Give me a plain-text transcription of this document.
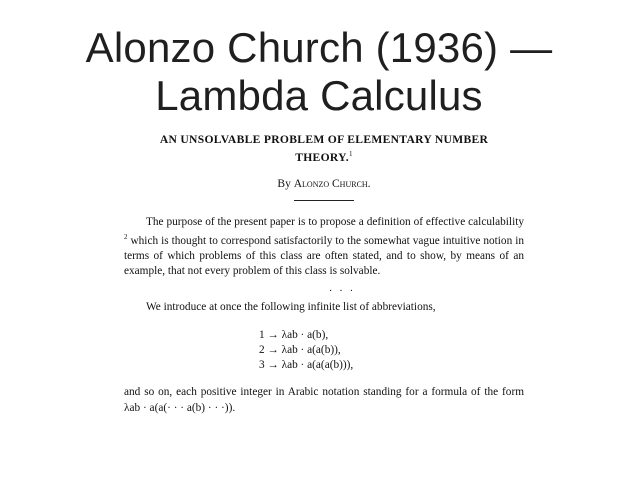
Alonzo Church (1936) —
Lambda Calculus
AN UNSOLVABLE PROBLEM OF ELEMENTARY NUMBER
THEORY.$^1$
By Alonzo Church.
The purpose of the present paper is to propose a definition of effective calculability $^2$ which is thought to correspond satisfactorily to the somewhat vague intuitive notion in terms of which problems of this class are often stated, and to show, by means of an example, that not every problem of this class is solvable.
· · ·
We introduce at once the following infinite list of abbreviations,
1 → λab · a(b),
2 → λab · a(a(b)),
3 → λab · a(a(a(b))),
and so on, each positive integer in Arabic notation standing for a formula of the form λab · a(a(· · · a(b) · · ·)).
